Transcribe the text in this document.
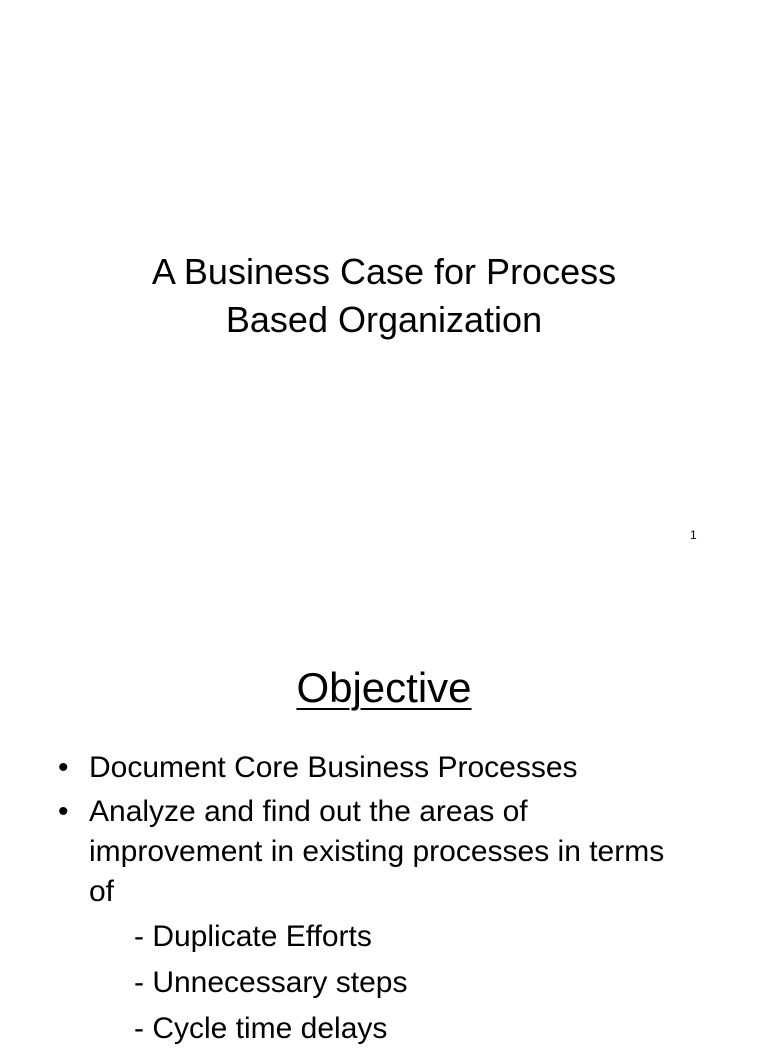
A Business Case for Process
Based Organization
1
Objective
• Document Core Business Processes
• Analyze and find out the areas of improvement in existing processes in terms of
- Duplicate Efforts
- Unnecessary steps
- Cycle time delays
